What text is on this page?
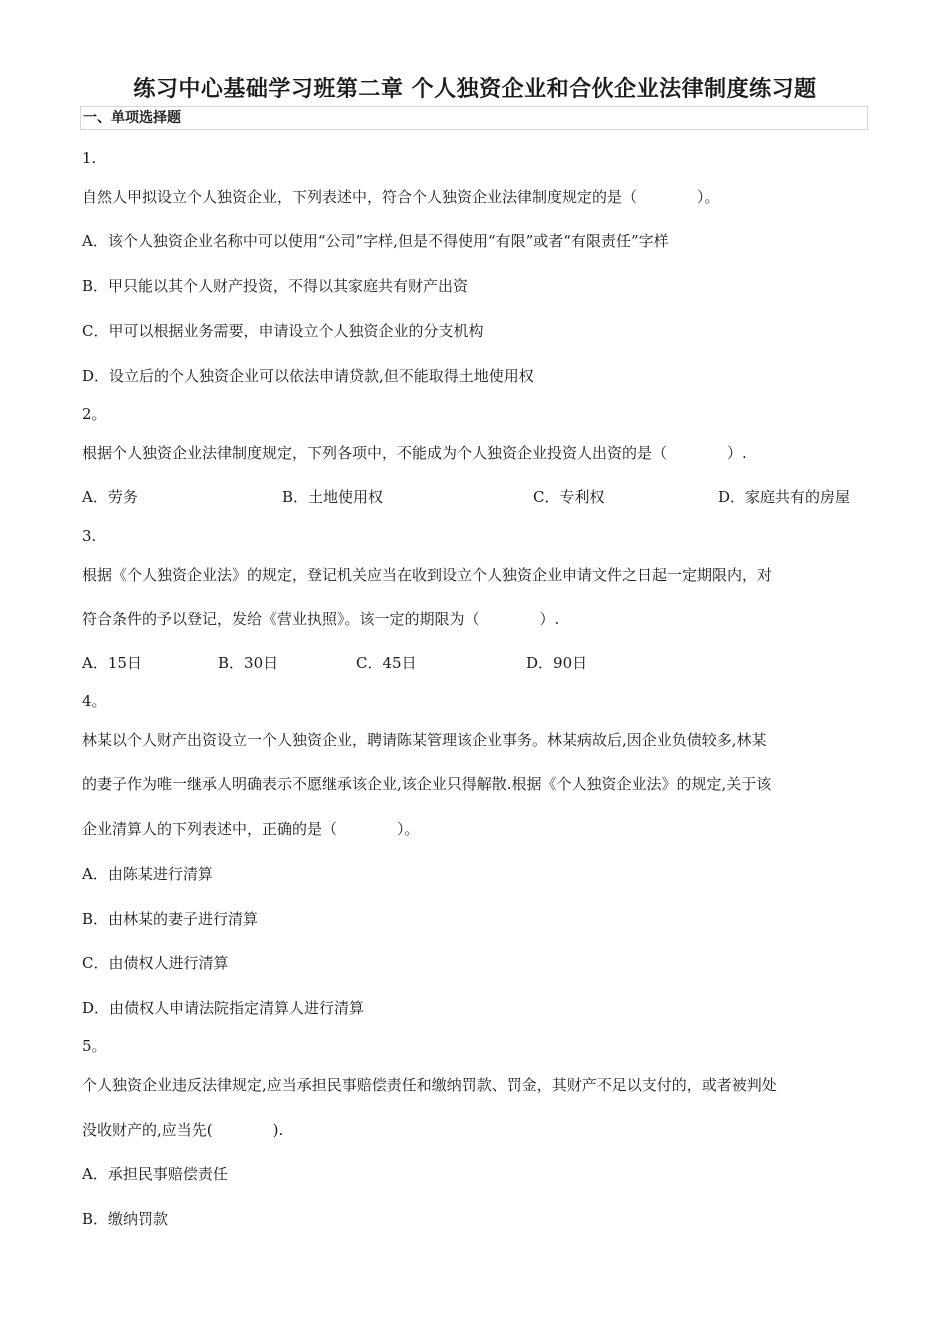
练习中心基础学习班第二章 个人独资企业和合伙企业法律制度练习题
一、单项选择题
1.
自然人甲拟设立个人独资企业，下列表述中，符合个人独资企业法律制度规定的是（　　　　）。
A．该个人独资企业名称中可以使用“公司”字样,但是不得使用“有限”或者“有限责任”字样
B．甲只能以其个人财产投资，不得以其家庭共有财产出资
C．甲可以根据业务需要，申请设立个人独资企业的分支机构
D．设立后的个人独资企业可以依法申请贷款,但不能取得土地使用权
2。
根据个人独资企业法律制度规定，下列各项中，不能成为个人独资企业投资人出资的是（　　　　）.
A．劳务	B．土地使用权	C．专利权	D．家庭共有的房屋
3.
根据《个人独资企业法》的规定，登记机关应当在收到设立个人独资企业申请文件之日起一定期限内，对
符合条件的予以登记，发给《营业执照》。该一定的期限为（　　　　）.
A．15日	B．30日	C．45日	D．90日
4。
林某以个人财产出资设立一个人独资企业，聘请陈某管理该企业事务。林某病故后,因企业负债较多,林某
的妻子作为唯一继承人明确表示不愿继承该企业,该企业只得解散.根据《个人独资企业法》的规定,关于该
企业清算人的下列表述中，正确的是（　　　　）。
A．由陈某进行清算
B．由林某的妻子进行清算
C．由债权人进行清算
D．由债权人申请法院指定清算人进行清算
5。
个人独资企业违反法律规定,应当承担民事赔偿责任和缴纳罚款、罚金，其财产不足以支付的，或者被判处
没收财产的,应当先(　　　　).
A．承担民事赔偿责任
B．缴纳罚款
